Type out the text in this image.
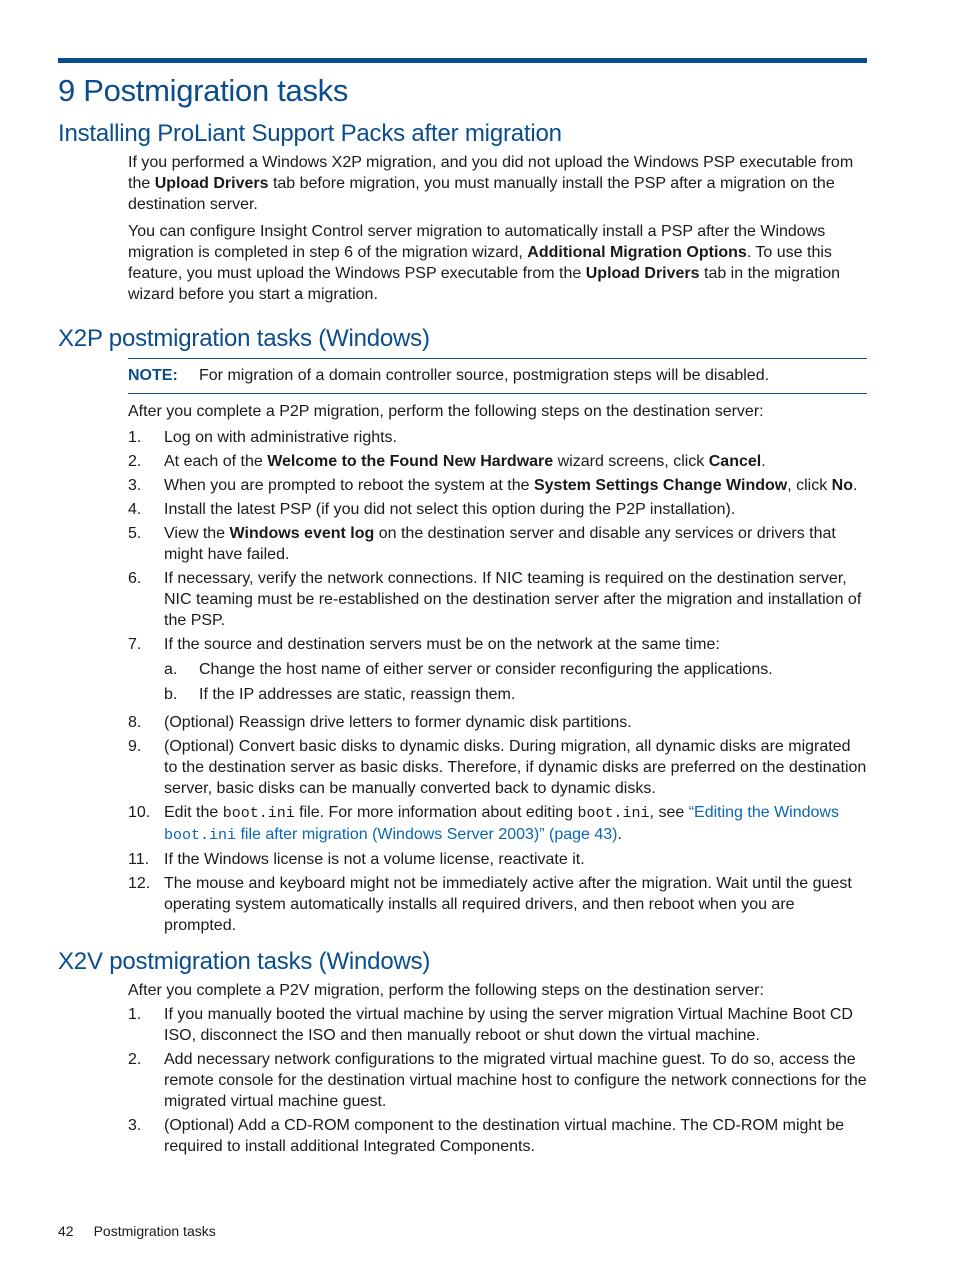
9 Postmigration tasks
Installing ProLiant Support Packs after migration

If you performed a Windows X2P migration, and you did not upload the Windows PSP executable from the Upload Drivers tab before migration, you must manually install the PSP after a migration on the destination server.

You can configure Insight Control server migration to automatically install a PSP after the Windows migration is completed in step 6 of the migration wizard, Additional Migration Options. To use this feature, you must upload the Windows PSP executable from the Upload Drivers tab in the migration wizard before you start a migration.

X2P postmigration tasks (Windows)
NOTE:	For migration of a domain controller source, postmigration steps will be disabled.

After you complete a P2P migration, perform the following steps on the destination server:

1.	Log on with administrative rights.
2.	At each of the Welcome to the Found New Hardware wizard screens, click Cancel.
3.	When you are prompted to reboot the system at the System Settings Change Window, click No.
4.	Install the latest PSP (if you did not select this option during the P2P installation).
5.	View the Windows event log on the destination server and disable any services or drivers that might have failed.
6.	If necessary, verify the network connections. If NIC teaming is required on the destination server, NIC teaming must be re-established on the destination server after the migration and installation of the PSP.
7.	If the source and destination servers must be on the network at the same time:
a.	Change the host name of either server or consider reconfiguring the applications.
b.	If the IP addresses are static, reassign them.
8.	(Optional) Reassign drive letters to former dynamic disk partitions.
9.	(Optional) Convert basic disks to dynamic disks. During migration, all dynamic disks are migrated to the destination server as basic disks. Therefore, if dynamic disks are preferred on the destination server, basic disks can be manually converted back to dynamic disks.
10. Edit the boot.ini file. For more information about editing boot.ini, see “Editing the Windows boot.ini file after migration (Windows Server 2003)” (page 43).
11. If the Windows license is not a volume license, reactivate it.
12. The mouse and keyboard might not be immediately active after the migration. Wait until the guest operating system automatically installs all required drivers, and then reboot when you are prompted.
X2V postmigration tasks (Windows)

After you complete a P2V migration, perform the following steps on the destination server:

1.	If you manually booted the virtual machine by using the server migration Virtual Machine Boot CD ISO, disconnect the ISO and then manually reboot or shut down the virtual machine.
2.	Add necessary network configurations to the migrated virtual machine guest. To do so, access the remote console for the destination virtual machine host to configure the network connections for the migrated virtual machine guest.
3.	(Optional) Add a CD-ROM component to the destination virtual machine. The CD-ROM might be required to install additional Integrated Components.
42 Postmigration tasks
